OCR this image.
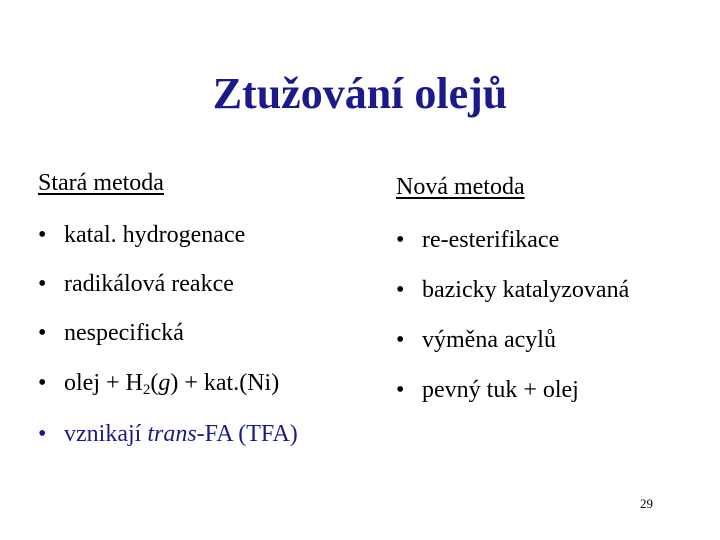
Ztužování olejů
Stará metoda
• katal. hydrogenace
• radikálová reakce
• nespecifická
• olej + $H_2(g) + kat.(Ni)$
• vznikají trans-FA (TFA)
Nová metoda
• re-esterifikace
• bazicky katalyzovaná
• výměna acylů
• pevný tuk + olej
29
